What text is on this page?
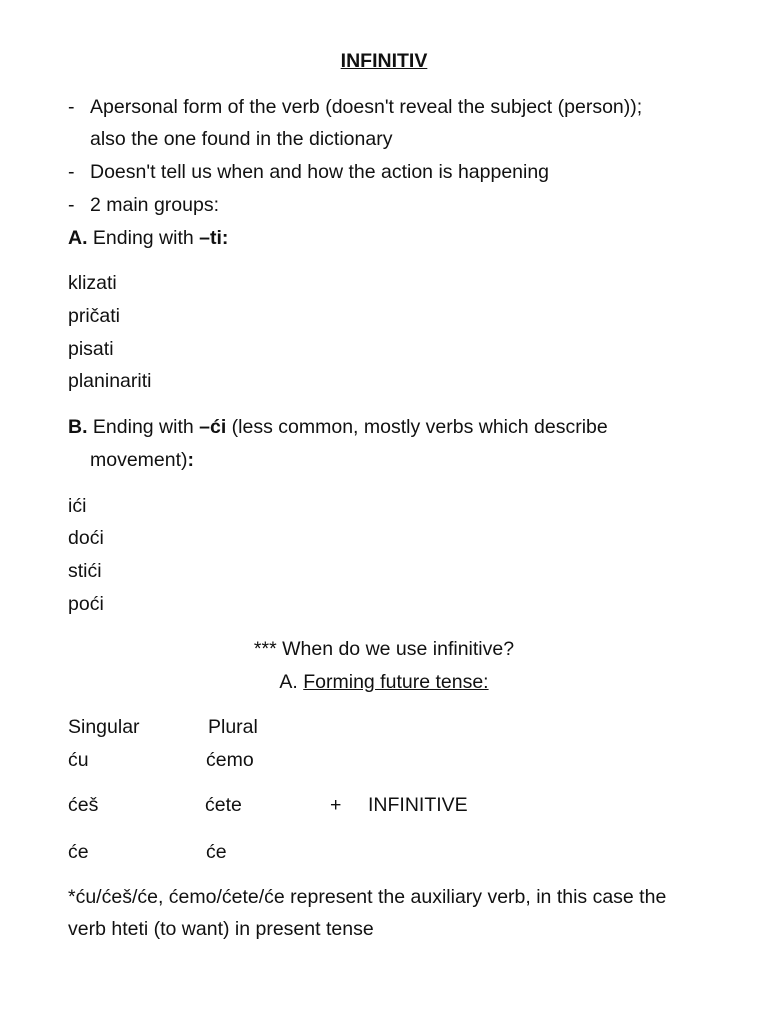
INFINITIV
- Apersonal form of the verb (doesn't reveal the subject (person));
also the one found in the dictionary
- Doesn't tell us when and how the action is happening
- 2 main groups:
A. Ending with –ti:
klizati
pričati
pisati
planinariti
B. Ending with –ći (less common, mostly verbs which describe
movement):
ići
doći
stići
poći
*** When do we use infinitive?
A. Forming future tense:
Singular	Plural
ću	ćemo
ćeš	ćete	+ INFINITIVE
će	će
*ću/ćeš/će, ćemo/ćete/će represent the auxiliary verb, in this case the
verb hteti (to want) in present tense
